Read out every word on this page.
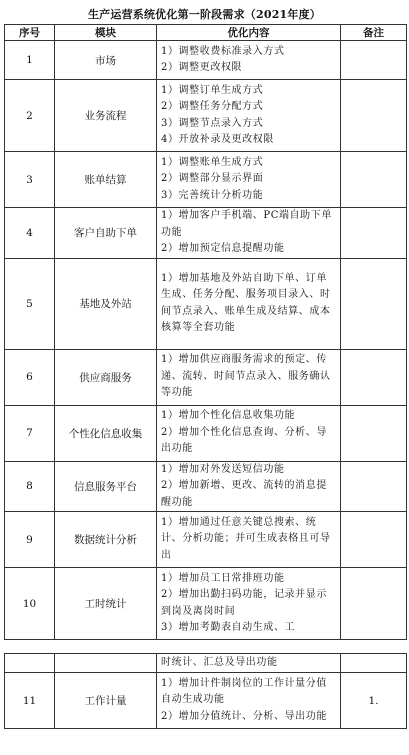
生产运营系统优化第一阶段需求（2021年度）
序号	模块	优化内容	备注
1	市场	1）调整收费标准录入方式
2）调整更改权限	

2	业务流程	1）调整订单生成方式
2）调整任务分配方式
3）调整节点录入方式
4）开放补录及更改权限	

3	账单结算	1）调整账单生成方式
2）调整部分显示界面
3）完善统计分析功能	

4	客户自助下单	1）增加客户手机端、PC端自助下单功能
2）增加预定信息提醒功能	

5	基地及外站	1）增加基地及外站自助下单、订单生成、任务分配、服务项目录入、时间节点录入、账单生成及结算、成本核算等全套功能	

6	供应商服务	1）增加供应商服务需求的预定、传递、流转、时间节点录入、服务确认等功能	

7	个性化信息收集	1）增加个性化信息收集功能
2）增加个性化信息查询、分析、导出功能	

8	信息服务平台	1）增加对外发送短信功能
2）增加新增、更改、流转的消息提醒功能	

9	数据统计分析	1）增加通过任意关键总搜索、统计、分析功能；并可生成表格且可导出	

10	工时统计	1）增加员工日常排班功能
2）增加出勤扫码功能，记录并显示到岗及离岗时间
3）增加考勤表自动生成、工	

		时统计、汇总及导出功能	

11	工作计量	1）增加计件制岗位的工作计量分值自动生成功能
2）增加分值统计、分析、导出功能	1.
